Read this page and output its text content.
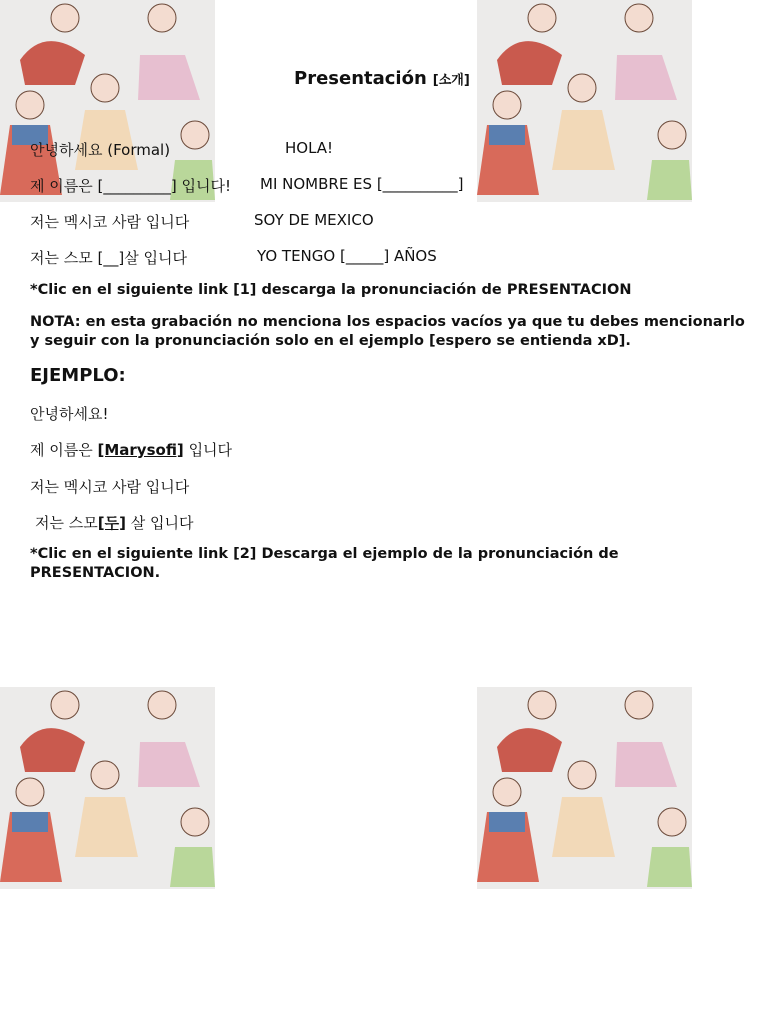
Presentación [소개]
안녕하세요 (Formal)	HOLA!
제 이름은 [_________] 입니다! MI NOMBRE ES [__________]
저는 멕시코 사람 입니다	SOY DE MEXICO
저는 스모 [__]살 입니다	YO TENGO [_____] AÑOS
*Clic en el siguiente link [1] descarga la pronunciación de PRESENTACION
NOTA: en esta grabación no menciona los espacios vacíos ya que tu debes mencionarlo y seguir con la pronunciación solo en el ejemplo [espero se entienda xD].
EJEMPLO:
안녕하세요!
제 이름은 [Marysofi] 입니다
저는 멕시코 사람 입니다
저는 스모[두] 살 입니다
*Clic en el siguiente link [2] Descarga el ejemplo de la pronunciación de PRESENTACION.
